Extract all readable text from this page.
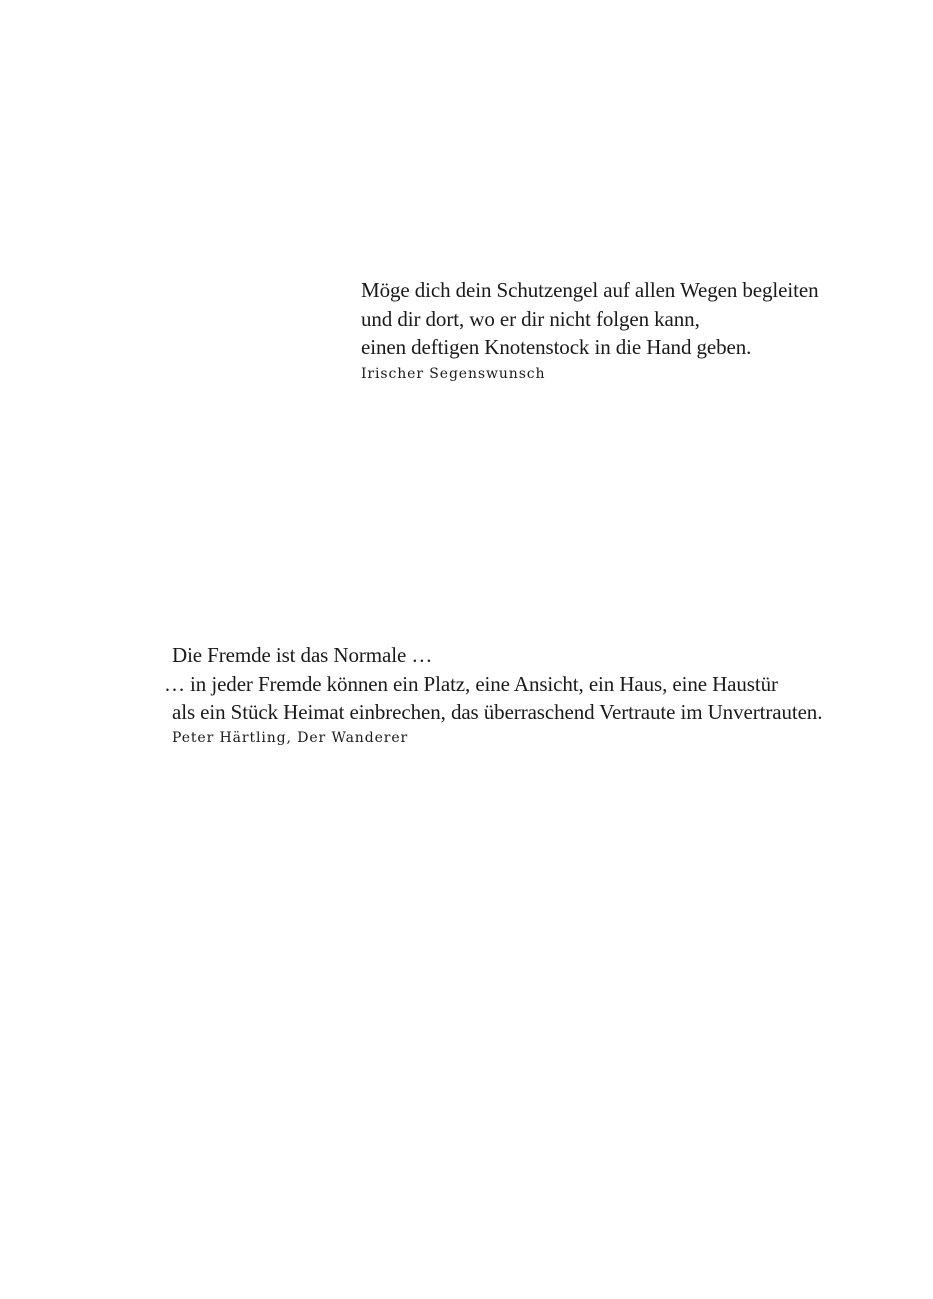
Möge dich dein Schutzengel auf allen Wegen begleiten
und dir dort, wo er dir nicht folgen kann,
einen deftigen Knotenstock in die Hand geben.
Irischer Segenswunsch
Die Fremde ist das Normale …
… in jeder Fremde können ein Platz, eine Ansicht, ein Haus, eine Haustür
als ein Stück Heimat einbrechen, das überraschend Vertraute im Unvertrauten.
Peter Härtling, Der Wanderer
